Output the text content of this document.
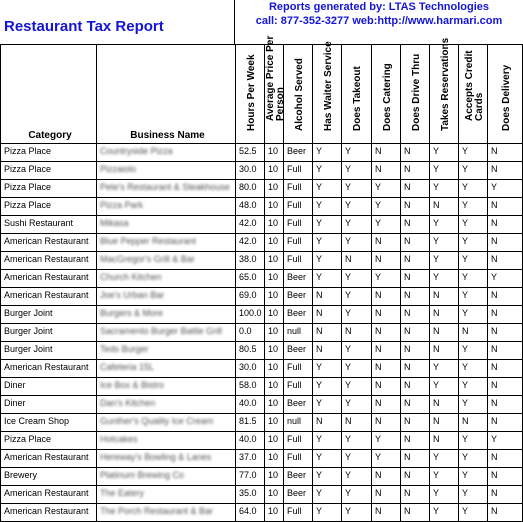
Restaurant Tax Report
Reports generated by: LTAS Technologies
call: 877-352-3277 web:http://www.harmari.com
Category	Business Name	Hours Per Week	Average Price Per Person	Alcohol Served	Has Waiter Service	Does Takeout	Does Catering	Does Drive Thru	Takes Reservations	Accepts Credit Cards	Does Delivery

Pizza Place	Countryside Pizza	52.5	10	Beer	Y	Y	N	N	Y	Y	N
Pizza Place	Pizzaiolo	30.0	10	Full	Y	Y	N	N	Y	Y	N
Pizza Place	Pete's Restaurant & Steakhouse	80.0	10	Full	Y	Y	Y	N	Y	Y	Y
Pizza Place	Pizza Park	48.0	10	Full	Y	Y	Y	N	N	Y	N
Sushi Restaurant	Mikasa	42.0	10	Full	Y	Y	Y	N	Y	Y	N
American Restaurant	Blue Pepper Restaurant	42.0	10	Full	Y	Y	N	N	Y	Y	N
American Restaurant	MacGregor's Grill & Bar	38.0	10	Full	Y	N	N	N	Y	Y	N
American Restaurant	Church Kitchen	65.0	10	Beer	Y	Y	Y	N	Y	Y	Y
American Restaurant	Joe's Urban Bar	69.0	10	Beer	N	Y	N	N	N	Y	N
Burger Joint	Burgers & More	100.0	10	Beer	N	Y	N	N	N	Y	N
Burger Joint	Sacramento Burger Battle Grill	0.0	10	null	N	N	N	N	N	N	N
Burger Joint	Teds Burger	80.5	10	Beer	N	Y	N	N	N	Y	N
American Restaurant	Cafeteria 15L	30.0	10	Full	Y	Y	N	N	Y	Y	N
Diner	Ice Box & Bistro	58.0	10	Full	Y	Y	N	N	Y	Y	N
Diner	Dan's Kitchen	40.0	10	Beer	Y	Y	N	N	N	Y	N
Ice Cream Shop	Gunther's Quality Ice Cream	81.5	10	null	N	N	N	N	N	N	N
Pizza Place	Hotcakes	40.0	10	Full	Y	Y	Y	N	N	Y	Y
American Restaurant	Hereway's Bowling & Lanes	37.0	10	Full	Y	Y	Y	N	Y	Y	N
Brewery	Platinum Brewing Co	77.0	10	Beer	Y	Y	N	N	Y	Y	N
American Restaurant	The Eatery	35.0	10	Beer	Y	Y	N	N	Y	Y	N
American Restaurant	The Porch Restaurant & Bar	64.0	10	Full	Y	Y	N	N	Y	Y	N
